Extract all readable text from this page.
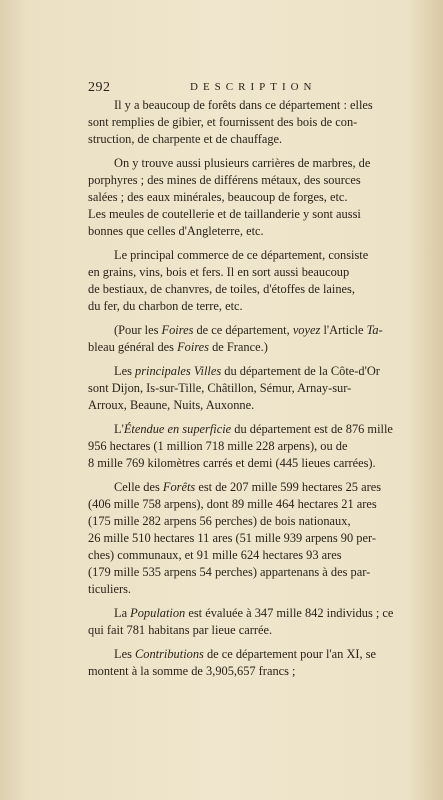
292	DESCRIPTION

Il y a beaucoup de forêts dans ce département : elles
sont remplies de gibier, et fournissent des bois de con-
struction, de charpente et de chauffage.

On y trouve aussi plusieurs carrières de marbres, de
porphyres ; des mines de différens métaux, des sources
salées ; des eaux minérales, beaucoup de forges, etc.
Les meules de coutellerie et de taillanderie y sont aussi
bonnes que celles d'Angleterre, etc.

Le principal commerce de ce département, consiste
en grains, vins, bois et fers. Il en sort aussi beaucoup
de bestiaux, de chanvres, de toiles, d'étoffes de laines,
du fer, du charbon de terre, etc.

(Pour les Foires de ce département, voyez l'Article Ta-
bleau général des Foires de France.)

Les principales Villes du département de la Côte-d'Or
sont Dijon, Is-sur-Tille, Châtillon, Sémur, Arnay-sur-
Arroux, Beaune, Nuits, Auxonne.

L'Étendue en superficie du département est de 876 mille
956 hectares (1 million 718 mille 228 arpens), ou de
8 mille 769 kilomètres carrés et demi (445 lieues carrées).

Celle des Forêts est de 207 mille 599 hectares 25 ares
(406 mille 758 arpens), dont 89 mille 464 hectares 21 ares
(175 mille 282 arpens 56 perches) de bois nationaux,
26 mille 510 hectares 11 ares (51 mille 939 arpens 90 per-
ches) communaux, et 91 mille 624 hectares 93 ares
(179 mille 535 arpens 54 perches) appartenans à des par-
ticuliers.

La Population est évaluée à 347 mille 842 individus ; ce
qui fait 781 habitans par lieue carrée.

Les Contributions de ce département pour l'an XI, se
montent à la somme de 3,905,657 francs ;
